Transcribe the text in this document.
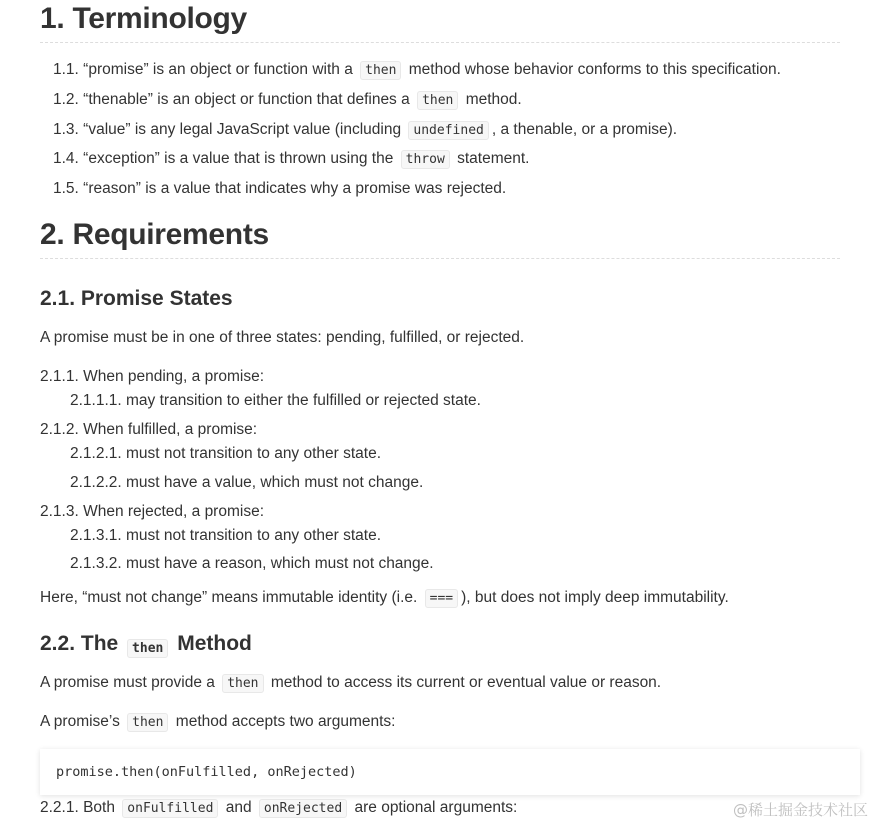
1. Terminology
1.1. “promise” is an object or function with a then method whose behavior conforms to this specification.
1.2. “thenable” is an object or function that defines a then method.
1.3. “value” is any legal JavaScript value (including undefined , a thenable, or a promise).
1.4. “exception” is a value that is thrown using the throw statement.
1.5. “reason” is a value that indicates why a promise was rejected.
2. Requirements
2.1. Promise States

A promise must be in one of three states: pending, fulfilled, or rejected.

2.1.1. When pending, a promise:
2.1.1.1. may transition to either the fulfilled or rejected state.
2.1.2. When fulfilled, a promise:
2.1.2.1. must not transition to any other state.
2.1.2.2. must have a value, which must not change.
2.1.3. When rejected, a promise:
2.1.3.1. must not transition to any other state.
2.1.3.2. must have a reason, which must not change.

Here, “must not change” means immutable identity (i.e. === ), but does not imply deep immutability.

2.2. The then Method

A promise must provide a then method to access its current or eventual value or reason.

A promise’s then method accepts two arguments:

promise.then(onFulfilled, onRejected)

2.2.1. Both onFulfilled and onRejected are optional arguments:	@稀土掘金技术社区
